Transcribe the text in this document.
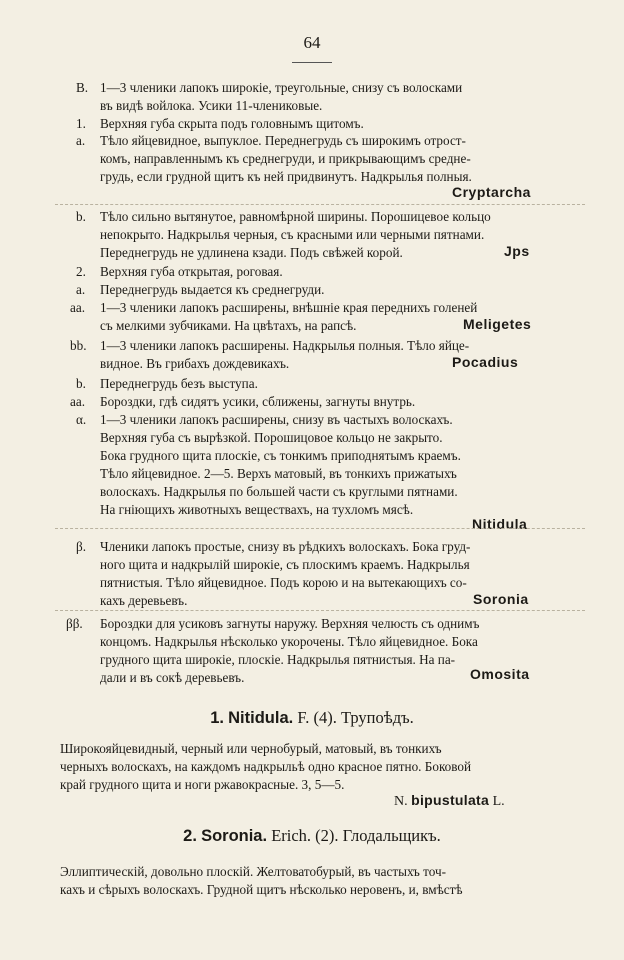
64
B. 1—3 членики лапокъ широкіе, треугольные, снизу съ волосками
въ видѣ войлока. Усики 11-члениковые.
1. Верхняя губа скрыта подъ головнымъ щитомъ.
a. Тѣло яйцевидное, выпуклое. Переднегрудь съ широкимъ отрост-
комъ, направленнымъ къ среднегруди, и прикрывающимъ средне-
грудь, если грудной щитъ къ ней придвинутъ. Надкрылья полныя.
Cryptarcha
b. Тѣло сильно вытянутое, равномѣрной ширины. Порошицевое кольцо
непокрыто. Надкрылья черныя, съ красными или черными пятнами.
Переднегрудь не удлинена кзади. Подъ свѣжей корой.	Jps
2. Верхняя губа открытая, роговая.
a. Переднегрудь выдается къ среднегруди.
aa. 1—3 членики лапокъ расширены, внѣшніе края переднихъ голеней
съ мелкими зубчиками. На цвѣтахъ, на рапсѣ.	Meligetes
bb. 1—3 членики лапокъ расширены. Надкрылья полныя. Тѣло яйце-
видное. Въ грибахъ дождевикахъ.	Pocadius
b. Переднегрудь безъ выступа.
aa. Бороздки, гдѣ сидятъ усики, сближены, загнуты внутрь.
α. 1—3 членики лапокъ расширены, снизу въ частыхъ волоскахъ.
Верхняя губа съ вырѣзкой. Порошицовое кольцо не закрыто.
Бока грудного щита плоскіе, съ тонкимъ приподнятымъ краемъ.
Тѣло яйцевидное. 2—5. Верхъ матовый, въ тонкихъ прижатыхъ
волоскахъ. Надкрылья по большей части съ круглыми пятнами.
На гніющихъ животныхъ веществахъ, на тухломъ мясѣ.
Nitidula
β. Членики лапокъ простые, снизу въ рѣдкихъ волоскахъ. Бока груд-
ного щита и надкрылій широкіе, съ плоскимъ краемъ. Надкрылья
пятнистыя. Тѣло яйцевидное. Подъ корою и на вытекающихъ со-
кахъ деревьевъ.	Soronia
ββ. Бороздки для усиковъ загнуты наружу. Верхняя челюсть съ однимъ
концомъ. Надкрылья нѣсколько укорочены. Тѣло яйцевидное. Бока
грудного щита широкіе, плоскіе. Надкрылья пятнистыя. На па-
дали и въ сокѣ деревьевъ.	Omosita
1. Nitidula. F. (4). Трупоѣдъ.
Широкояйцевидный, черный или чернобурый, матовый, въ тонкихъ
черныхъ волоскахъ, на каждомъ надкрыльѣ одно красное пятно. Боковой
край грудного щита и ноги ржавокрасные. 3, 5—5.
N. bipustulata L.
2. Soronia. Erich. (2). Глодальщикъ.
Эллиптическій, довольно плоскій. Желтоватобурый, въ частыхъ точ-
кахъ и сѣрыхъ волоскахъ. Грудной щитъ нѣсколько неровенъ, и, вмѣстѣ
